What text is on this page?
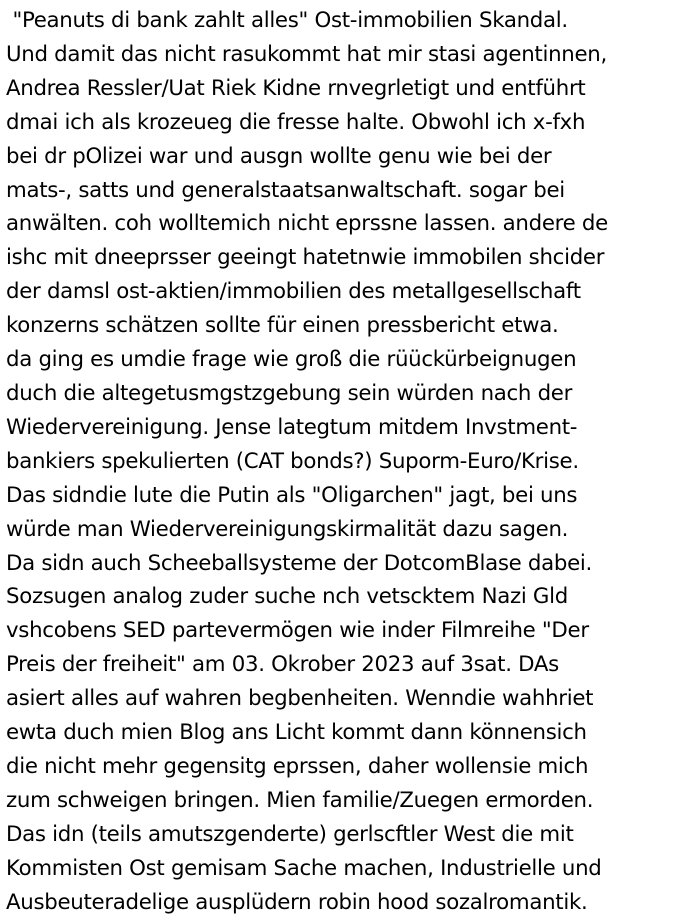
"Peanuts di bank zahlt alles" Ost-immobilien Skandal.
Und damit das nicht rasukommt hat mir stasi agentinnen,
Andrea Ressler/Uat Riek Kidne rnvegrletigt und entführt
dmai ich als krozeueg die fresse halte. Obwohl ich x-fxh
bei dr pOlizei war und ausgn wollte genu wie bei der
mats-, satts und generalstaatsanwaltschaft. sogar bei
anwälten. coh wolltemich nicht eprssne lassen. andere de
ishc mit dneeprsser geeingt hatetnwie immobilen shcider
der damsl ost-aktien/immobilien des metallgesellschaft
konzerns schätzen sollte für einen pressbericht etwa.
da ging es umdie frage wie groß die rüückürbeignugen
duch die altegetusmgstzgebung sein würden nach der
Wiedervereinigung. Jense lategtum mitdem Invstment-
bankiers spekulierten (CAT bonds?) Suporm-Euro/Krise.
Das sidndie lute die Putin als "Oligarchen" jagt, bei uns
würde man Wiedervereinigungskirmalität dazu sagen.
Da sidn auch Scheeballsysteme der DotcomBlase dabei.
Sozsugen analog zuder suche nch vetscktem Nazi Gld
vshcobens SED partevermögen wie inder Filmreihe "Der
Preis der freiheit" am 03. Okrober 2023 auf 3sat. DAs
asiert alles auf wahren begbenheiten. Wenndie wahhriet
ewta duch mien Blog ans Licht kommt dann könnensich
die nicht mehr gegensitg eprssen, daher wollensie mich
zum schweigen bringen. Mien familie/Zuegen ermorden.
Das idn (teils amutszgenderte) gerlscftler West die mit
Kommisten Ost gemisam Sache machen, Industrielle und
Ausbeuteradelige ausplüdern robin hood sozalromantik.
